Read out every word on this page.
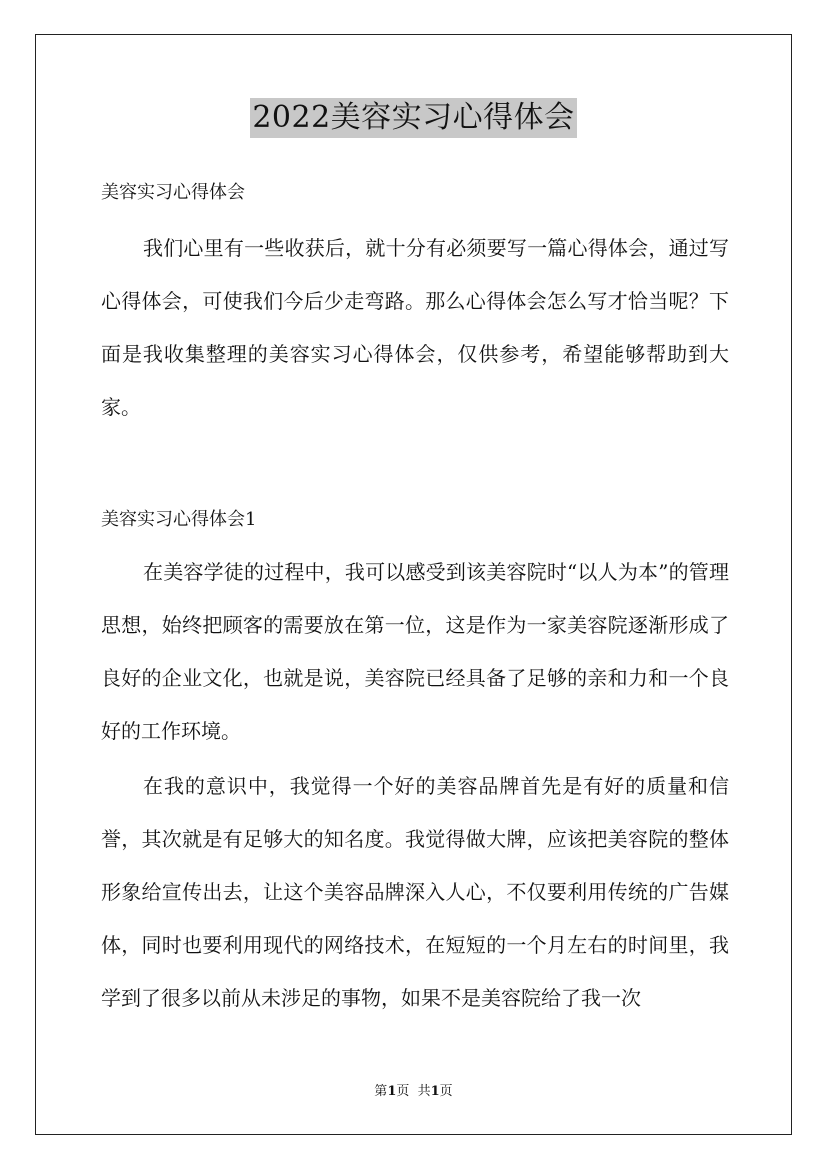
2022美容实习心得体会
美容实习心得体会
我们心里有一些收获后，就十分有必须要写一篇心得体会，通过写心得体会，可使我们今后少走弯路。那么心得体会怎么写才恰当呢？下面是我收集整理的美容实习心得体会，仅供参考，希望能够帮助到大家。
美容实习心得体会1
在美容学徒的过程中，我可以感受到该美容院时“以人为本”的管理思想，始终把顾客的需要放在第一位，这是作为一家美容院逐渐形成了良好的企业文化，也就是说，美容院已经具备了足够的亲和力和一个良好的工作环境。
在我的意识中，我觉得一个好的美容品牌首先是有好的质量和信誉，其次就是有足够大的知名度。我觉得做大牌，应该把美容院的整体形象给宣传出去，让这个美容品牌深入人心，不仅要利用传统的广告媒体，同时也要利用现代的网络技术，在短短的一个月左右的时间里，我学到了很多以前从未涉足的事物，如果不是美容院给了我一次
第1页  共1页
